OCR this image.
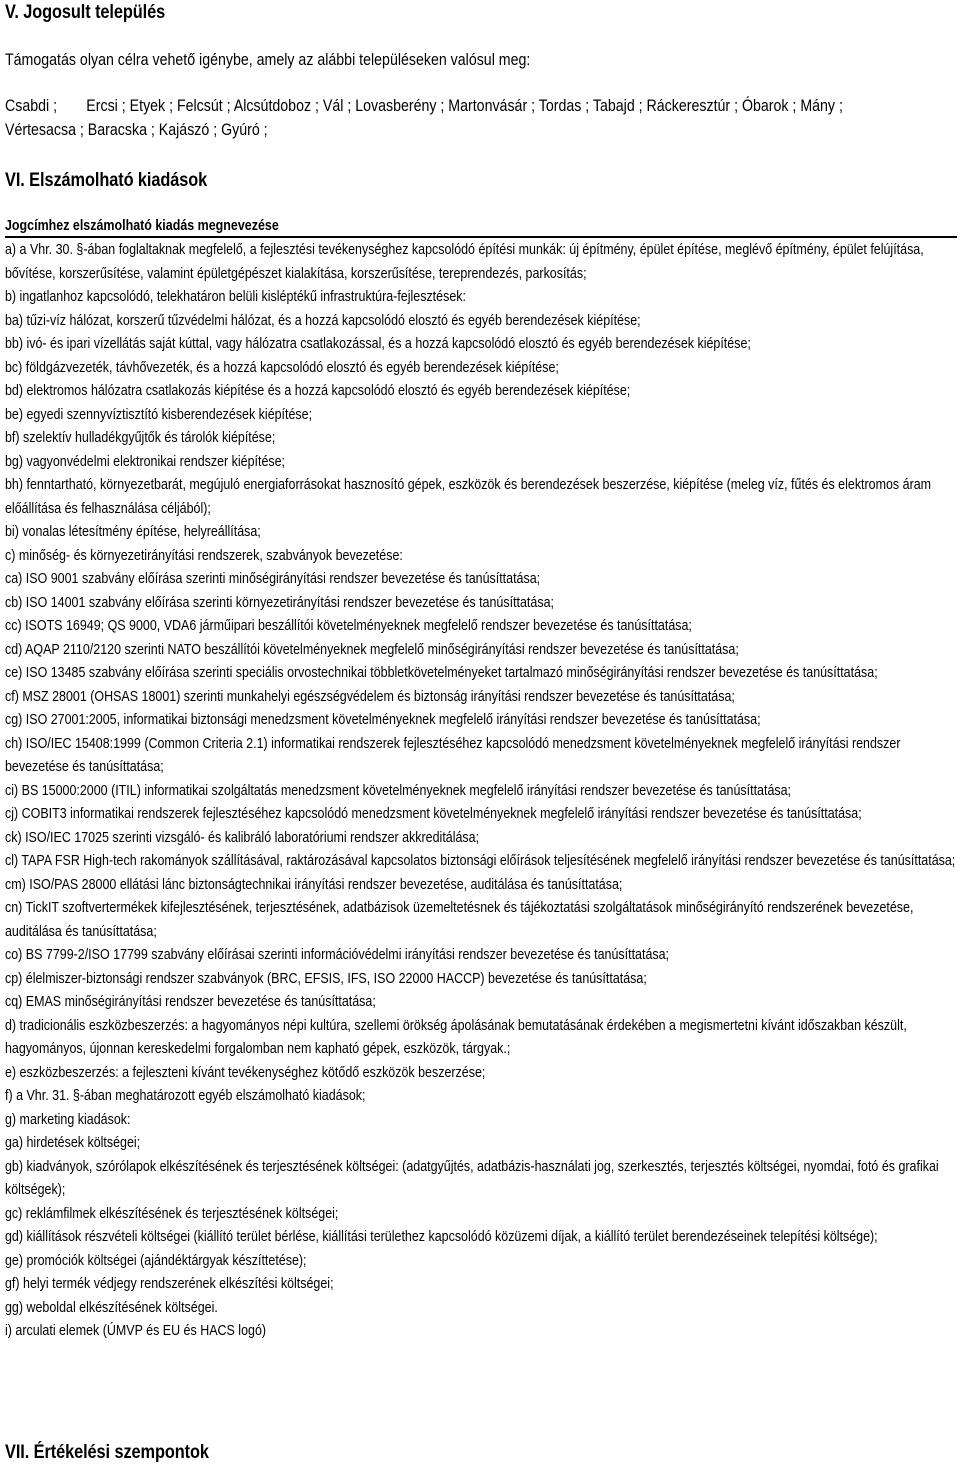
V. Jogosult település
Támogatás olyan célra vehető igénybe, amely az alábbi településeken valósul meg:
Csabdi ; Ercsi ; Etyek ; Felcsút ; Alcsútdoboz ; Vál ; Lovasberény ; Martonvásár ; Tordas ; Tabajd ; Ráckeresztúr ; Óbarok ; Mány ;
Vértesacsa ; Baracska ; Kajászó ; Gyúró ;
VI. Elszámolható kiadások
Jogcímhez elszámolható kiadás megnevezése
a) a Vhr. 30. §-ában foglaltaknak megfelelő, a fejlesztési tevékenységhez kapcsolódó építési munkák: új építmény, épület építése, meglévő építmény, épület felújítása, bővítése, korszerűsítése, valamint épületgépészet kialakítása, korszerűsítése, tereprendezés, parkosítás;
b) ingatlanhoz kapcsolódó, telekhatáron belüli kisléptékű infrastruktúra-fejlesztések:
ba) tűzi-víz hálózat, korszerű tűzvédelmi hálózat, és a hozzá kapcsolódó elosztó és egyéb berendezések kiépítése;
bb) ivó- és ipari vízellátás saját kúttal, vagy hálózatra csatlakozással, és a hozzá kapcsolódó elosztó és egyéb berendezések kiépítése;
bc) földgázvezeték, távhővezeték, és a hozzá kapcsolódó elosztó és egyéb berendezések kiépítése;
bd) elektromos hálózatra csatlakozás kiépítése és a hozzá kapcsolódó elosztó és egyéb berendezések kiépítése;
be) egyedi szennyvíztisztító kisberendezések kiépítése;
bf) szelektív hulladékgyűjtők és tárolók kiépítése;
bg) vagyonvédelmi elektronikai rendszer kiépítése;
bh) fenntartható, környezetbarát, megújuló energiaforrásokat hasznosító gépek, eszközök és berendezések beszerzése, kiépítése (meleg víz, fűtés és elektromos áram előállítása és felhasználása céljából);
bi) vonalas létesítmény építése, helyreállítása;
c) minőség- és környezetirányítási rendszerek, szabványok bevezetése:
ca) ISO 9001 szabvány előírása szerinti minőségirányítási rendszer bevezetése és tanúsíttatása;
cb) ISO 14001 szabvány előírása szerinti környezetirányítási rendszer bevezetése és tanúsíttatása;
cc) ISOTS 16949; QS 9000, VDA6 járműipari beszállítói követelményeknek megfelelő rendszer bevezetése és tanúsíttatása;
cd) AQAP 2110/2120 szerinti NATO beszállítói követelményeknek megfelelő minőségirányítási rendszer bevezetése és tanúsíttatása;
ce) ISO 13485 szabvány előírása szerinti speciális orvostechnikai többletkövetelményeket tartalmazó minőségirányítási rendszer bevezetése és tanúsíttatása;
cf) MSZ 28001 (OHSAS 18001) szerinti munkahelyi egészségvédelem és biztonság irányítási rendszer bevezetése és tanúsíttatása;
cg) ISO 27001:2005, informatikai biztonsági menedzsment követelményeknek megfelelő irányítási rendszer bevezetése és tanúsíttatása;
ch) ISO/IEC 15408:1999 (Common Criteria 2.1) informatikai rendszerek fejlesztéséhez kapcsolódó menedzsment követelményeknek megfelelő irányítási rendszer bevezetése és tanúsíttatása;
ci) BS 15000:2000 (ITIL) informatikai szolgáltatás menedzsment követelményeknek megfelelő irányítási rendszer bevezetése és tanúsíttatása;
cj) COBIT3 informatikai rendszerek fejlesztéséhez kapcsolódó menedzsment követelményeknek megfelelő irányítási rendszer bevezetése és tanúsíttatása;
ck) ISO/IEC 17025 szerinti vizsgáló- és kalibráló laboratóriumi rendszer akkreditálása;
cl) TAPA FSR High-tech rakományok szállításával, raktározásával kapcsolatos biztonsági előírások teljesítésének megfelelő irányítási rendszer bevezetése és tanúsíttatása;
cm) ISO/PAS 28000 ellátási lánc biztonságtechnikai irányítási rendszer bevezetése, auditálása és tanúsíttatása;
cn) TickIT szoftvertermékek kifejlesztésének, terjesztésének, adatbázisok üzemeltetésnek és tájékoztatási szolgáltatások minőségirányító rendszerének bevezetése, auditálása és tanúsíttatása;
co) BS 7799-2/ISO 17799 szabvány előírásai szerinti információvédelmi irányítási rendszer bevezetése és tanúsíttatása;
cp) élelmiszer-biztonsági rendszer szabványok (BRC, EFSIS, IFS, ISO 22000 HACCP) bevezetése és tanúsíttatása;
cq) EMAS minőségirányítási rendszer bevezetése és tanúsíttatása;
d) tradicionális eszközbeszerzés: a hagyományos népi kultúra, szellemi örökség ápolásának bemutatásának érdekében a megismertetni kívánt időszakban készült, hagyományos, újonnan kereskedelmi forgalomban nem kapható gépek, eszközök, tárgyak.;
e) eszközbeszerzés: a fejleszteni kívánt tevékenységhez kötődő eszközök beszerzése;
f) a Vhr. 31. §-ában meghatározott egyéb elszámolható kiadások;
g) marketing kiadások:
ga) hirdetések költségei;
gb) kiadványok, szórólapok elkészítésének és terjesztésének költségei: (adatgyűjtés, adatbázis-használati jog, szerkesztés, terjesztés költségei, nyomdai, fotó és grafikai költségek);
gc) reklámfilmek elkészítésének és terjesztésének költségei;
gd) kiállítások részvételi költségei (kiállító terület bérlése, kiállítási területhez kapcsolódó közüzemi díjak, a kiállító terület berendezéseinek telepítési költsége);
ge) promóciók költségei (ajándéktárgyak készíttetése);
gf) helyi termék védjegy rendszerének elkészítési költségei;
gg) weboldal elkészítésének költségei.
i) arculati elemek (ÚMVP és EU és HACS logó)
VII. Értékelési szempontok
